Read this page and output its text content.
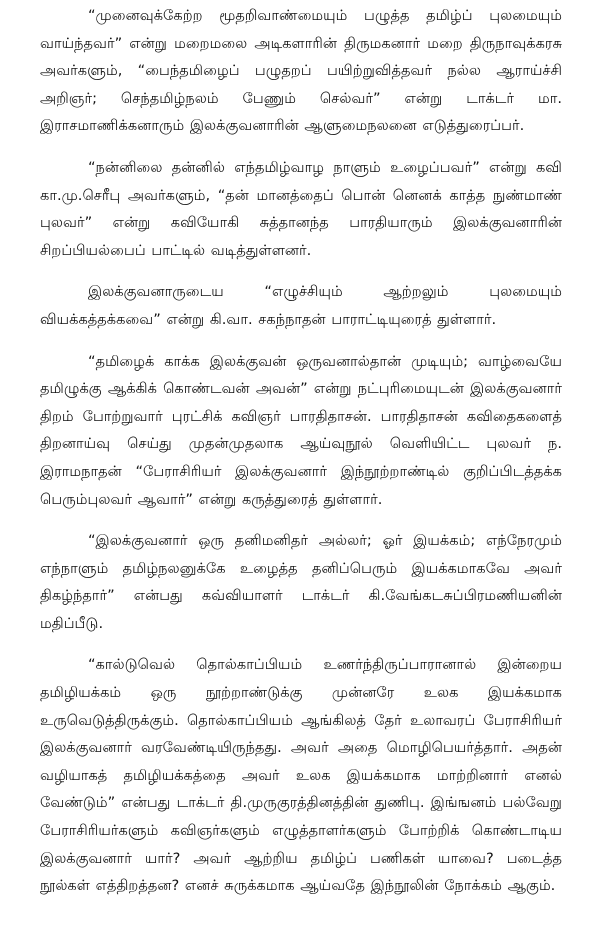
“முனைவுக்கேற்ற மூதறிவாண்மையும் பழுத்த தமிழ்ப் புலமையும் வாய்ந்தவர்” என்று மறைமலை அடிகளாரின் திருமகனார் மறை திருநாவுக்கரசு அவர்களும், “பைந்தமிழைப் பழுதறப் பயிற்றுவித்தவர் நல்ல ஆராய்ச்சி அறிஞர்; செந்தமிழ்நலம் பேணும் செல்வர்” என்று டாக்டர் மா. இராசமாணிக்கனாரும் இலக்குவனாரின் ஆளுமைநலனை எடுத்துரைப்பர்.

“நன்னிலை தன்னில் எந்தமிழ்வாழ நாளும் உழைப்பவர்” என்று கவி கா.மு.செரீபு அவர்களும், “தன் மானத்தைப் பொன் னெனக் காத்த நுண்மாண் புலவர்” என்று கவியோகி சுத்தானந்த பாரதியாரும் இலக்குவனாரின் சிறப்பியல்பைப் பாட்டில் வடித்துள்ளனர்.

இலக்குவனாருடைய “எழுச்சியும் ஆற்றலும் புலமையும் வியக்கத்தக்கவை” என்று கி.வா. சகந்நாதன் பாராட்டியுரைத் துள்ளார்.

“தமிழைக் காக்க இலக்குவன் ஒருவனால்தான் முடியும்; வாழ்வையே தமிழுக்கு ஆக்கிக் கொண்டவன் அவன்” என்று நட்புரிமையுடன் இலக்குவனார் திறம் போற்றுவார் புரட்சிக் கவிஞர் பாரதிதாசன். பாரதிதாசன் கவிதைகளைத் திறனாய்வு செய்து முதன்முதலாக ஆய்வுநூல் வெளியிட்ட புலவர் ந. இராமநாதன் “பேராசிரியர் இலக்குவனார் இந்நூற்றாண்டில் குறிப்பிடத்தக்க பெரும்புலவர் ஆவார்” என்று கருத்துரைத் துள்ளார்.

“இலக்குவனார் ஒரு தனிமனிதர் அல்லர்; ஓர் இயக்கம்; எந்நேரமும் எந்நாளும் தமிழ்நலனுக்கே உழைத்த தனிப்பெரும் இயக்கமாகவே அவர் திகழ்ந்தார்” என்பது கவ்வியாளர் டாக்டர் கி.வேங்கடசுப்பிரமணியனின் மதிப்பீடு.

“கால்டுவெல் தொல்காப்பியம் உணர்ந்திருப்பாரானால் இன்றைய தமிழியக்கம் ஒரு நூற்றாண்டுக்கு முன்னரே உலக இயக்கமாக உருவெடுத்திருக்கும். தொல்காப்பியம் ஆங்கிலத் தேர் உலாவரப் பேராசிரியர் இலக்குவனார் வரவேண்டியிருந்தது. அவர் அதை மொழிபெயர்த்தார். அதன் வழியாகத் தமிழியக்கத்தை அவர் உலக இயக்கமாக மாற்றினார் எனல் வேண்டும்” என்பது டாக்டர் தி.முருகுரத்தினத்தின் துணிபு. இங்ஙனம் பல்வேறு பேராசிரியர்களும் கவிஞர்களும் எழுத்தாளர்களும் போற்றிக் கொண்டாடிய இலக்குவனார் யார்? அவர் ஆற்றிய தமிழ்ப் பணிகள் யாவை? படைத்த நூல்கள் எத்திறத்தன? எனச் சுருக்கமாக ஆய்வதே இந்நூலின் நோக்கம் ஆகும்.
